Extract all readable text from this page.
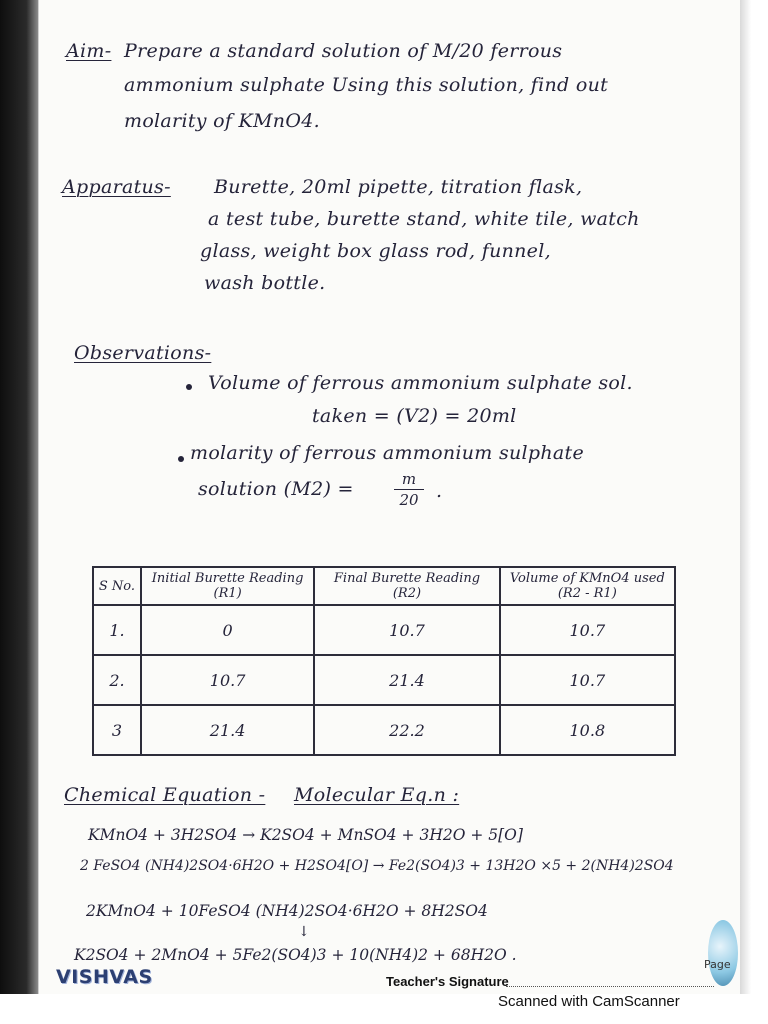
Aim- Prepare a standard solution of M/20 ferrous
ammonium sulphate Using this solution, find out
molarity of KMnO4.
Apparatus- Burette, 20ml pipette, titration flask,
a test tube, burette stand, white tile, watch
glass, weight box glass rod, funnel,
wash bottle.
Observations-
Volume of ferrous ammonium sulphate sol.
taken = (V2) = 20ml
molarity of ferrous ammonium sulphate
solution (M2) =	m
20 .
S No.	Initial Burette Reading (R1)	Final Burette Reading (R2)	Volume of KMnO4 used (R2 - R1)
1.	0	10.7	10.7
2.	10.7	21.4	10.7
3	21.4	22.2	10.8
Chemical Equation - Molecular Eq.n :
KMnO4 + 3H2SO4 → K2SO4 + MnSO4 + 3H2O + 5[O]
2 FeSO4 (NH4)2SO4·6H2O + H2SO4[O] → Fe2(SO4)3 + 13H2O ×5 + 2(NH4)2SO4
2KMnO4 + 10FeSO4 (NH4)2SO4·6H2O + 8H2SO4
↓
K2SO4 + 2MnO4 + 5Fe2(SO4)3 + 10(NH4)2 + 68H2O .
VISHVAS
Page
Teacher's Signature
Scanned with CamScanner
